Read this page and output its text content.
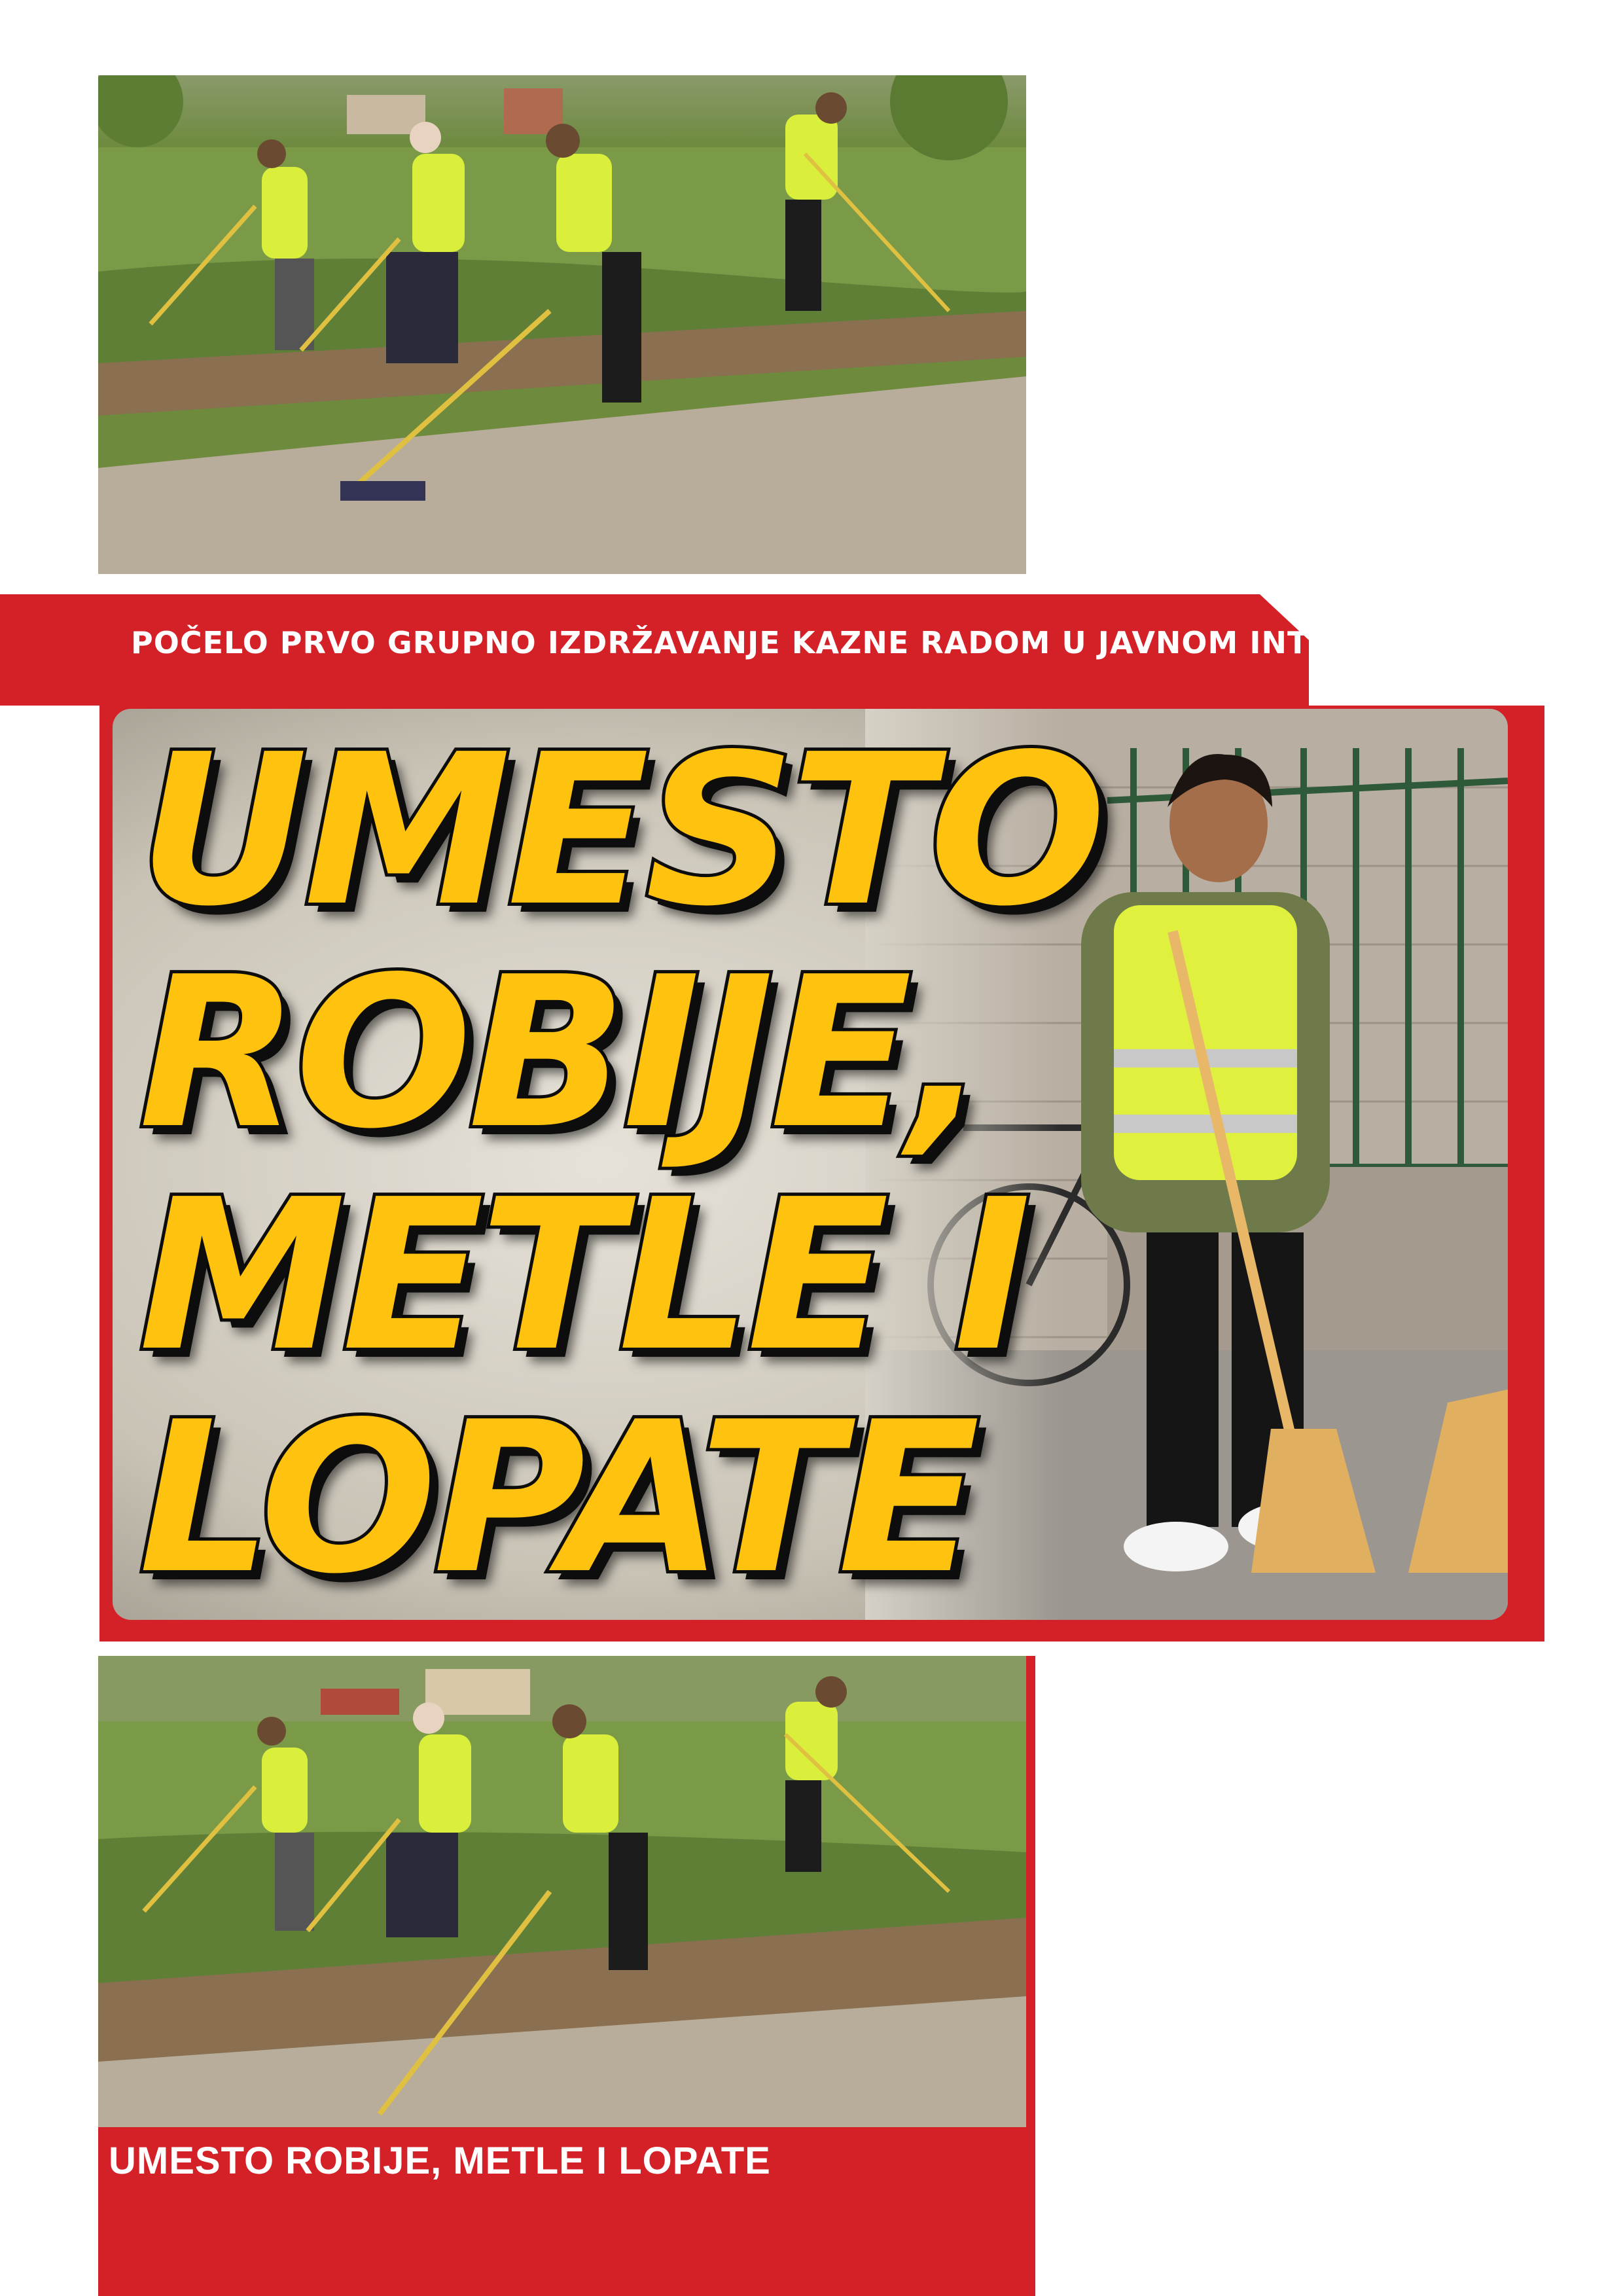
POČELO PRVO GRUPNO IZDRŽAVANJE KAZNE RADOM U JAVNOM INTERESU
UMESTO
ROBIJE,
METLE I
LOPATE
UMESTO ROBIJE, METLE I LOPATE
